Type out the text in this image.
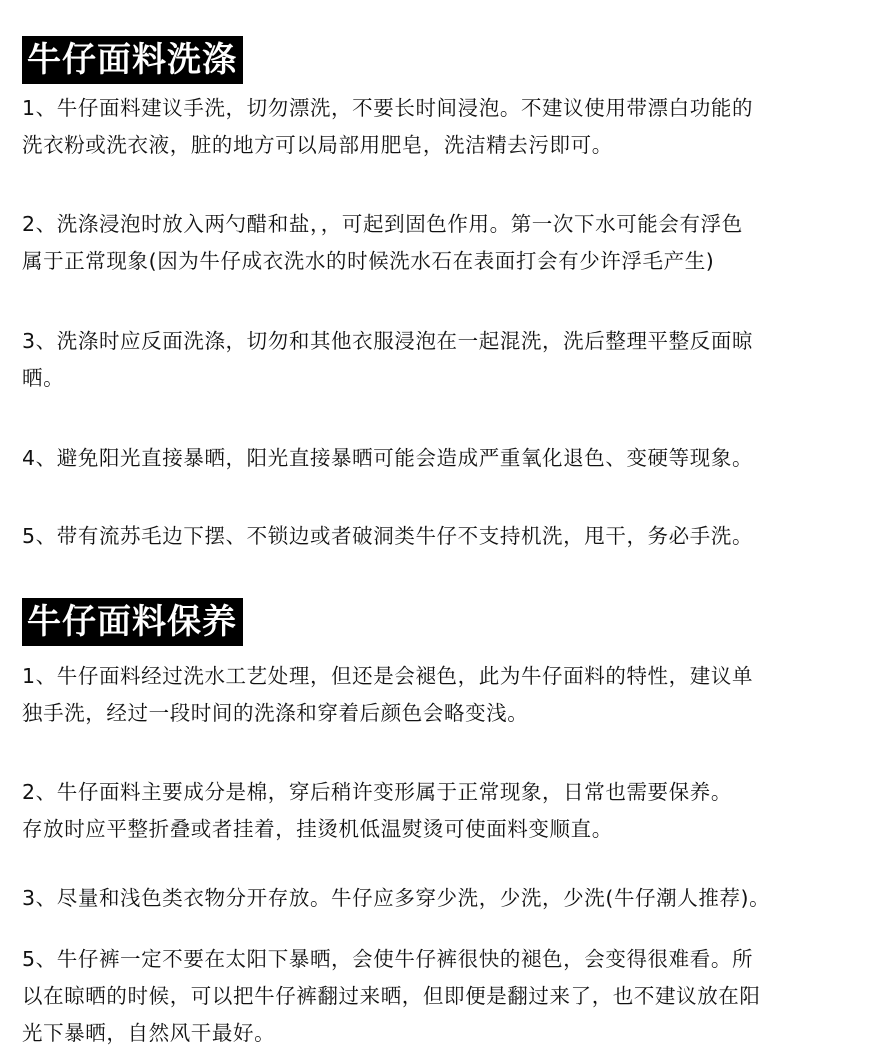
牛仔面料洗涤
1、牛仔面料建议手洗，切勿漂洗，不要长时间浸泡。不建议使用带漂白功能的
洗衣粉或洗衣液，脏的地方可以局部用肥皂，洗洁精去污即可。
2、洗涤浸泡时放入两勺醋和盐，，可起到固色作用。第一次下水可能会有浮色
属于正常现象(因为牛仔成衣洗水的时候洗水石在表面打会有少许浮毛产生)
3、洗涤时应反面洗涤，切勿和其他衣服浸泡在一起混洗，洗后整理平整反面晾
晒。
4、避免阳光直接暴晒，阳光直接暴晒可能会造成严重氧化退色、变硬等现象。
5、带有流苏毛边下摆、不锁边或者破洞类牛仔不支持机洗，甩干，务必手洗。
牛仔面料保养
1、牛仔面料经过洗水工艺处理，但还是会褪色，此为牛仔面料的特性，建议单
独手洗，经过一段时间的洗涤和穿着后颜色会略变浅。
2、牛仔面料主要成分是棉，穿后稍许变形属于正常现象，日常也需要保养。
存放时应平整折叠或者挂着，挂烫机低温熨烫可使面料变顺直。
3、尽量和浅色类衣物分开存放。牛仔应多穿少洗，少洗，少洗(牛仔潮人推荐)。
5、牛仔裤一定不要在太阳下暴晒，会使牛仔裤很快的褪色，会变得很难看。所
以在晾晒的时候，可以把牛仔裤翻过来晒，但即便是翻过来了，也不建议放在阳
光下暴晒，自然风干最好。
